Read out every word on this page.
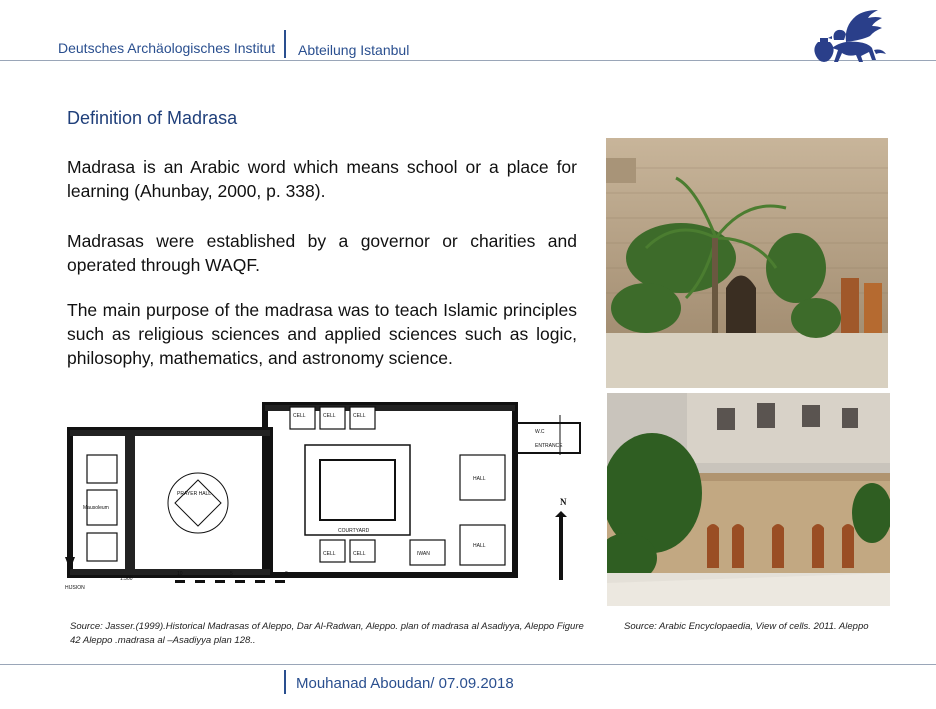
Deutsches Archäologisches Institut Abteilung Istanbul
Definition of Madrasa

Madrasa is an Arabic word which means school or a place for learning (Ahunbay, 2000, p. 338).

Madrasas were established by a governor or charities and operated through WAQF.

The main purpose of the madrasa was to teach Islamic principles such as religious sciences and applied sciences such as logic, philosophy, mathematics, and astronomy science.

CELL	CELL	CELL
W.C
ENTRANCE
Mausoleum
PRAYER HALL
HALL
HALL
COURTYARD
CELL	CELL	IWAN
1:300
10	5	0
HIJSION
N

Source: Jasser.(1999).Historical Madrasas of Aleppo, Dar Al-Radwan, Aleppo. plan of madrasa al Asadiyya, Aleppo Figure 42 Aleppo .madrasa al –Asadiyya plan 128..

Source: Arabic Encyclopaedia, View of cells. 2011. Aleppo

Mouhanad Aboudan/ 07.09.2018
